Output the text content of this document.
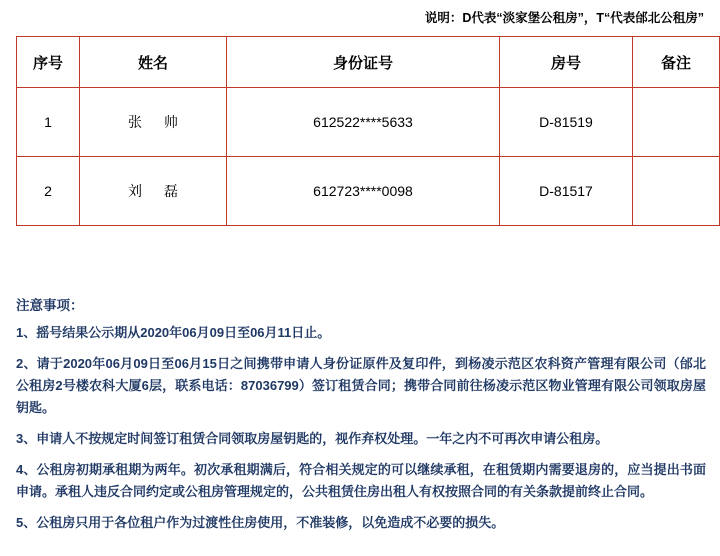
说明：D代表“淡家堡公租房”，T“代表邰北公租房”
序号	姓名	身份证号	房号	备注
1	张 帅	612522****5633	D-81519	
2	刘 磊	612723****0098	D-81517	
注意事项：
1、摇号结果公示期从2020年06月09日至06月11日止。
2、请于2020年06月09日至06月15日之间携带申请人身份证原件及复印件，到杨凌示范区农科资产管理有限公司（邰北公租房2号楼农科大厦6层，联系电话：87036799）签订租赁合同；携带合同前往杨凌示范区物业管理有限公司领取房屋钥匙。
3、申请人不按规定时间签订租赁合同领取房屋钥匙的，视作弃权处理。一年之内不可再次申请公租房。
4、公租房初期承租期为两年。初次承租期满后，符合相关规定的可以继续承租，在租赁期内需要退房的，应当提出书面申请。承租人违反合同约定或公租房管理规定的，公共租赁住房出租人有权按照合同的有关条款提前终止合同。
5、公租房只用于各位租户作为过渡性住房使用，不准装修，以免造成不必要的损失。
